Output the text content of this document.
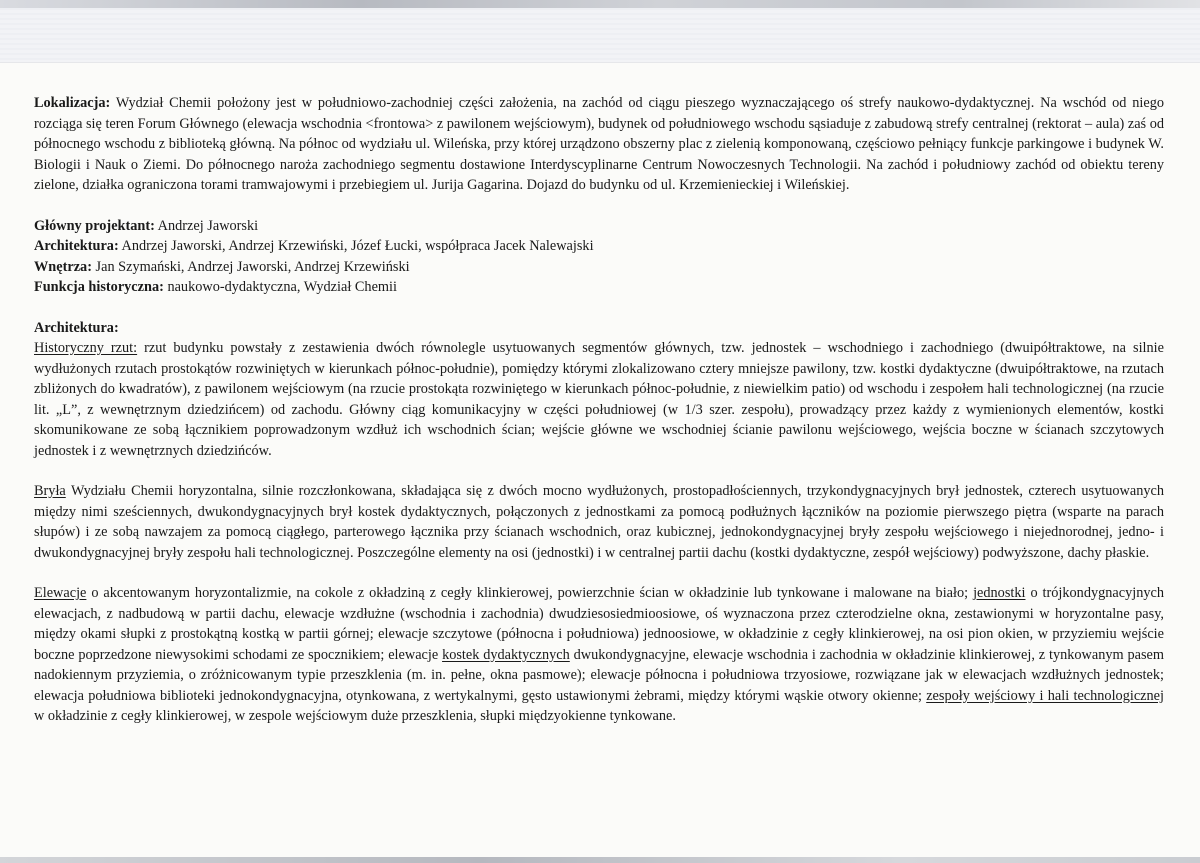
Lokalizacja: Wydział Chemii położony jest w południowo-zachodniej części założenia, na zachód od ciągu pieszego wyznaczającego oś strefy naukowo-dydaktycznej. Na wschód od niego rozciąga się teren Forum Głównego (elewacja wschodnia <frontowa> z pawilonem wejściowym), budynek od południowego wschodu sąsiaduje z zabudową strefy centralnej (rektorat – aula) zaś od północnego wschodu z biblioteką główną. Na północ od wydziału ul. Wileńska, przy której urządzono obszerny plac z zielenią komponowaną, częściowo pełniący funkcje parkingowe i budynek W. Biologii i Nauk o Ziemi. Do północnego naroża zachodniego segmentu dostawione Interdyscyplinarne Centrum Nowoczesnych Technologii. Na zachód i południowy zachód od obiektu tereny zielone, działka ograniczona torami tramwajowymi i przebiegiem ul. Jurija Gagarina. Dojazd do budynku od ul. Krzemienieckiej i Wileńskiej.

Główny projektant: Andrzej Jaworski
Architektura: Andrzej Jaworski, Andrzej Krzewiński, Józef Łucki, współpraca Jacek Nalewajski
Wnętrza: Jan Szymański, Andrzej Jaworski, Andrzej Krzewiński
Funkcja historyczna: naukowo-dydaktyczna, Wydział Chemii
Architektura:

Historyczny rzut: rzut budynku powstały z zestawienia dwóch równolegle usytuowanych segmentów głównych, tzw. jednostek – wschodniego i zachodniego (dwuipółtraktowe, na silnie wydłużonych rzutach prostokątów rozwiniętych w kierunkach północ-południe), pomiędzy którymi zlokalizowano cztery mniejsze pawilony, tzw. kostki dydaktyczne (dwuipółtraktowe, na rzutach zbliżonych do kwadratów), z pawilonem wejściowym (na rzucie prostokąta rozwiniętego w kierunkach północ-południe, z niewielkim patio) od wschodu i zespołem hali technologicznej (na rzucie lit. „L”, z wewnętrznym dziedzińcem) od zachodu. Główny ciąg komunikacyjny w części południowej (w 1/3 szer. zespołu), prowadzący przez każdy z wymienionych elementów, kostki skomunikowane ze sobą łącznikiem poprowadzonym wzdłuż ich wschodnich ścian; wejście główne we wschodniej ścianie pawilonu wejściowego, wejścia boczne w ścianach szczytowych jednostek i z wewnętrznych dziedzińców.

Bryła Wydziału Chemii horyzontalna, silnie rozczłonkowana, składająca się z dwóch mocno wydłużonych, prostopadłościennych, trzykondygnacyjnych brył jednostek, czterech usytuowanych między nimi sześciennych, dwukondygnacyjnych brył kostek dydaktycznych, połączonych z jednostkami za pomocą podłużnych łączników na poziomie pierwszego piętra (wsparte na parach słupów) i ze sobą nawzajem za pomocą ciągłego, parterowego łącznika przy ścianach wschodnich, oraz kubicznej, jednokondygnacyjnej bryły zespołu wejściowego i niejednorodnej, jedno- i dwukondygnacyjnej bryły zespołu hali technologicznej. Poszczególne elementy na osi (jednostki) i w centralnej partii dachu (kostki dydaktyczne, zespół wejściowy) podwyższone, dachy płaskie.

Elewacje o akcentowanym horyzontalizmie, na cokole z okładziną z cegły klinkierowej, powierzchnie ścian w okładzinie lub tynkowane i malowane na biało; jednostki o trójkondygnacyjnych elewacjach, z nadbudową w partii dachu, elewacje wzdłużne (wschodnia i zachodnia) dwudziesosiedmioosiowe, oś wyznaczona przez czterodzielne okna, zestawionymi w horyzontalne pasy, między okami słupki z prostokątną kostką w partii górnej; elewacje szczytowe (północna i południowa) jednoosiowe, w okładzinie z cegły klinkierowej, na osi pion okien, w przyziemiu wejście boczne poprzedzone niewysokimi schodami ze spocznikiem; elewacje kostek dydaktycznych dwukondygnacyjne, elewacje wschodnia i zachodnia w okładzinie klinkierowej, z tynkowanym pasem nadokiennym przyziemia, o zróżnicowanym typie przeszklenia (m. in. pełne, okna pasmowe); elewacje północna i południowa trzyosiowe, rozwiązane jak w elewacjach wzdłużnych jednostek; elewacja południowa biblioteki jednokondygnacyjna, otynkowana, z wertykalnymi, gęsto ustawionymi żebrami, między którymi wąskie otwory okienne; zespoły wejściowy i hali technologicznej w okładzinie z cegły klinkierowej, w zespole wejściowym duże przeszklenia, słupki międzyokienne tynkowane.
